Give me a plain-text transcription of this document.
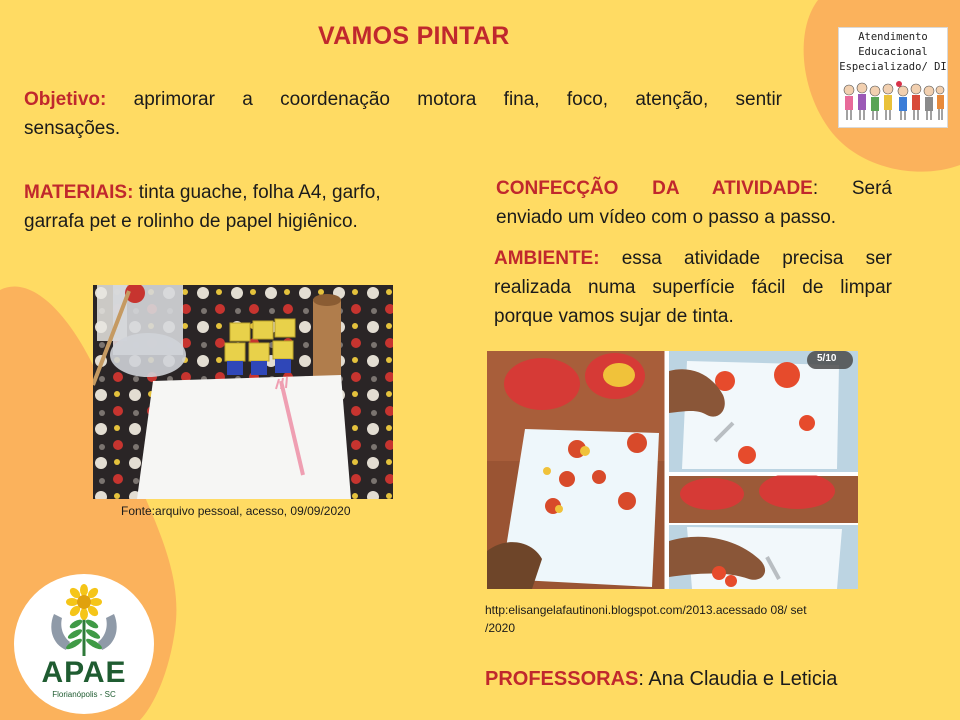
VAMOS PINTAR
Objetivo: aprimorar a coordenação motora fina, foco, atenção, sentir
sensações.
MATERIAIS: tinta guache, folha A4, garfo,
garrafa pet e rolinho de papel higiênico.
CONFECÇÃO DA ATIVIDADE: Será
enviado um vídeo com o passo a passo.
AMBIENTE: essa atividade precisa ser
realizada numa superfície fácil de limpar
porque vamos sujar de tinta.
Fonte:arquivo pessoal, acesso, 09/09/2020
5/10
http:elisangelafautinoni.blogspot.com/2013.acessado 08/ set
/2020
Atendimento
Educacional
Especializado/ DI
APAE
Florianópolis - SC
PROFESSORAS: Ana Claudia e Leticia
